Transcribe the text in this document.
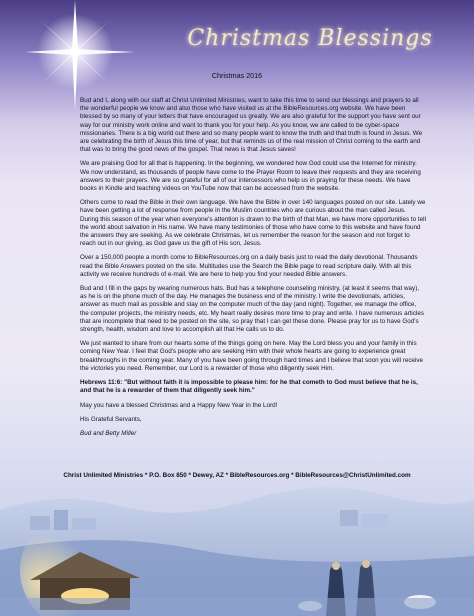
Christmas Blessings
Christmas 2016

Bud and I, along with our staff at Christ Unlimited Ministries, want to take this time to send our blessings and prayers to all the wonderful people we know and also those who have visited us at the BibleResources.org website. We have been blessed by so many of your letters that have encouraged us greatly. We are also grateful for the support you have sent our way for our ministry work online and want to thank you for your help. As you know, we are called to be cyber-space missionaries. There is a big world out there and so many people want to know the truth and that truth is found in Jesus. We are celebrating the birth of Jesus this time of year, but that reminds us of the real mission of Christ coming to the earth and that was to bring the good news of the gospel. That news is that Jesus saves!

We are praising God for all that is happening. In the beginning, we wondered how God could use the Internet for ministry. We now understand, as thousands of people have come to the Prayer Room to leave their requests and they are receiving answers to their prayers. We are so grateful for all of our intercessors who help us in praying for these needs. We have books in Kindle and teaching videos on YouTube now that can be accessed from the website.

Others come to read the Bible in their own language. We have the Bible in over 140 languages posted on our site. Lately we have been getting a lot of response from people in the Muslim countries who are curious about the man called Jesus. During this season of the year when everyone's attention is drawn to the birth of that Man, we have more opportunities to tell the world about salvation in His name. We have many testimonies of those who have come to this website and have found the answers they are seeking. As we celebrate Christmas, let us remember the reason for the season and not forget to reach out in our giving, as God gave us the gift of His son, Jesus.

Over a 150,000 people a month come to BibleResources.org on a daily basis just to read the daily devotional. Thousands read the Bible Answers posted on the site. Multitudes use the Search the Bible page to read scripture daily. With all this activity we receive hundreds of e-mail. We are here to help you find your needed Bible answers.

Bud and I fill in the gaps by wearing numerous hats. Bud has a telephone counseling ministry, (at least it seems that way), as he is on the phone much of the day. He manages the business end of the ministry. I write the devotionals, articles, answer as much mail as possible and stay on the computer much of the day (and night). Together, we manage the office, the computer projects, the ministry needs, etc. My heart really desires more time to pray and write. I have numerous articles that are incomplete that need to be posted on the site, so pray that I can get these done. Please pray for us to have God's strength, health, wisdom and love to accomplish all that He calls us to do.

We just wanted to share from our hearts some of the things going on here. May the Lord bless you and your family in this coming New Year. I feel that God's people who are seeking Him with their whole hearts are going to experience great breakthroughs in the coming year. Many of you have been going through hard times and I believe that soon you will receive the victories you need. Remember, our Lord is a rewarder of those who diligently seek Him.

Hebrews 11:6: "But without faith it is impossible to please him: for he that cometh to God must believe that he is, and that he is a rewarder of them that diligently seek him."

May you have a blessed Christmas and a Happy New Year in the Lord!

His Grateful Servants,

Bud and Betty Miller

Christ Unlimited Ministries * P.O. Box 850 * Dewey, AZ * BibleResources.org * BibleResources@ChristUnlimited.com
